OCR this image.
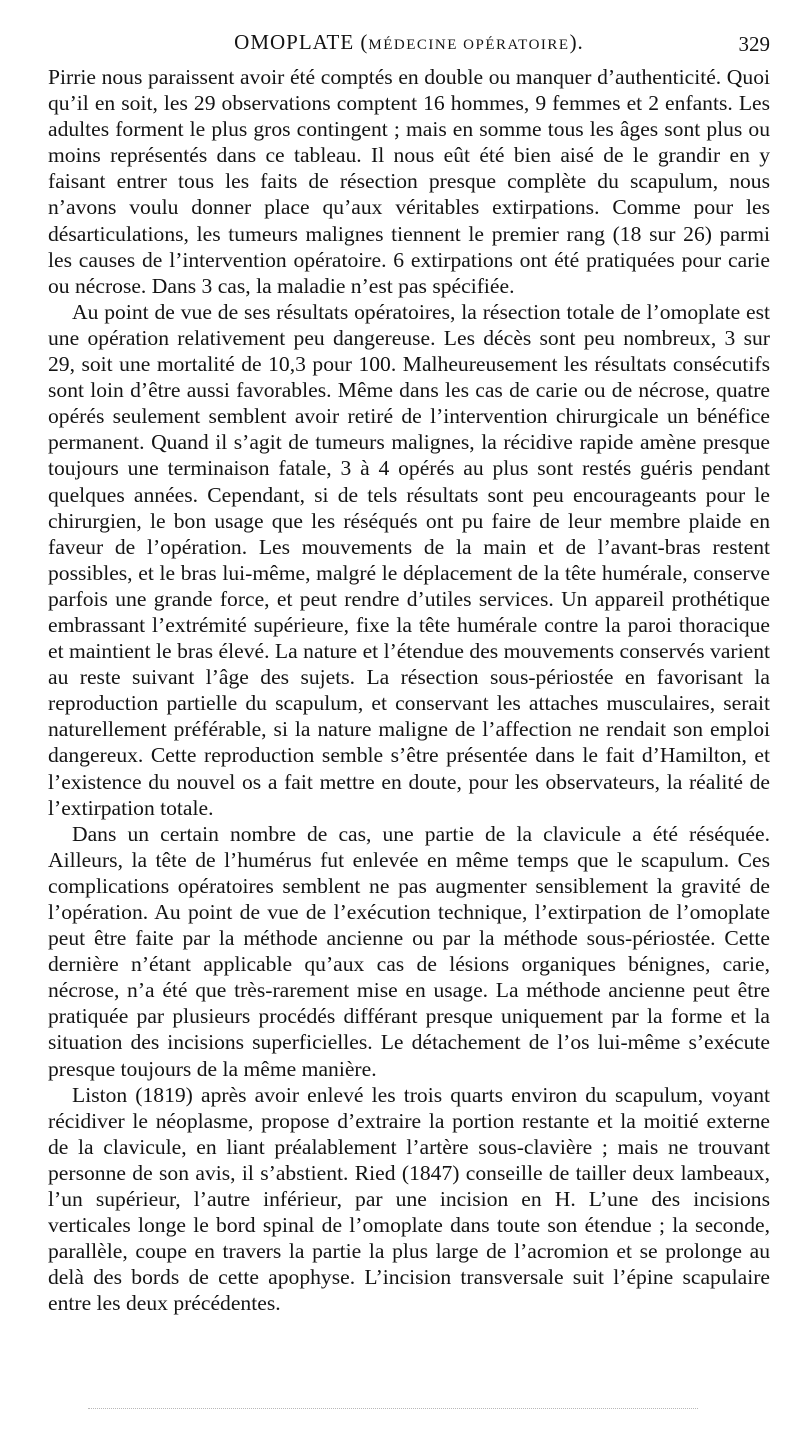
OMOPLATE (MÉDECINE OPÉRATOIRE).	329

Pirrie nous paraissent avoir été comptés en double ou manquer d’authenticité. Quoi qu’il en soit, les 29 observations comptent 16 hommes, 9 femmes et 2 enfants. Les adultes forment le plus gros contingent ; mais en somme tous les âges sont plus ou moins représentés dans ce tableau. Il nous eût été bien aisé de le grandir en y faisant entrer tous les faits de résection presque complète du scapulum, nous n’avons voulu donner place qu’aux véritables extirpations. Comme pour les désarticulations, les tumeurs malignes tiennent le premier rang (18 sur 26) parmi les causes de l’intervention opératoire. 6 extirpations ont été pratiquées pour carie ou nécrose. Dans 3 cas, la maladie n’est pas spécifiée.

Au point de vue de ses résultats opératoires, la résection totale de l’omoplate est une opération relativement peu dangereuse. Les décès sont peu nombreux, 3 sur 29, soit une mortalité de 10,3 pour 100. Malheureusement les résultats consécutifs sont loin d’être aussi favorables. Même dans les cas de carie ou de nécrose, quatre opérés seulement semblent avoir retiré de l’intervention chirurgicale un bénéfice permanent. Quand il s’agit de tumeurs malignes, la récidive rapide amène presque toujours une terminaison fatale, 3 à 4 opérés au plus sont restés guéris pendant quelques années. Cependant, si de tels résultats sont peu encourageants pour le chirurgien, le bon usage que les réséqués ont pu faire de leur membre plaide en faveur de l’opération. Les mouvements de la main et de l’avant-bras restent possibles, et le bras lui-même, malgré le déplacement de la tête humérale, conserve parfois une grande force, et peut rendre d’utiles services. Un appareil prothétique embrassant l’extrémité supérieure, fixe la tête humérale contre la paroi thoracique et maintient le bras élevé. La nature et l’étendue des mouvements conservés varient au reste suivant l’âge des sujets. La résection sous-périostée en favorisant la reproduction partielle du scapulum, et conservant les attaches musculaires, serait naturellement préférable, si la nature maligne de l’affection ne rendait son emploi dangereux. Cette reproduction semble s’être présentée dans le fait d’Hamilton, et l’existence du nouvel os a fait mettre en doute, pour les observateurs, la réalité de l’extirpation totale.

Dans un certain nombre de cas, une partie de la clavicule a été réséquée. Ailleurs, la tête de l’humérus fut enlevée en même temps que le scapulum. Ces complications opératoires semblent ne pas augmenter sensiblement la gravité de l’opération. Au point de vue de l’exécution technique, l’extirpation de l’omoplate peut être faite par la méthode ancienne ou par la méthode sous-périostée. Cette dernière n’étant applicable qu’aux cas de lésions organiques bénignes, carie, nécrose, n’a été que très-rarement mise en usage. La méthode ancienne peut être pratiquée par plusieurs procédés différant presque uniquement par la forme et la situation des incisions superficielles. Le détachement de l’os lui-même s’exécute presque toujours de la même manière.

Liston (1819) après avoir enlevé les trois quarts environ du scapulum, voyant récidiver le néoplasme, propose d’extraire la portion restante et la moitié externe de la clavicule, en liant préalablement l’artère sous-clavière ; mais ne trouvant personne de son avis, il s’abstient. Ried (1847) conseille de tailler deux lambeaux, l’un supérieur, l’autre inférieur, par une incision en H. L’une des incisions verticales longe le bord spinal de l’omoplate dans toute son étendue ; la seconde, parallèle, coupe en travers la partie la plus large de l’acromion et se prolonge au delà des bords de cette apophyse. L’incision transversale suit l’épine scapulaire entre les deux précédentes.
